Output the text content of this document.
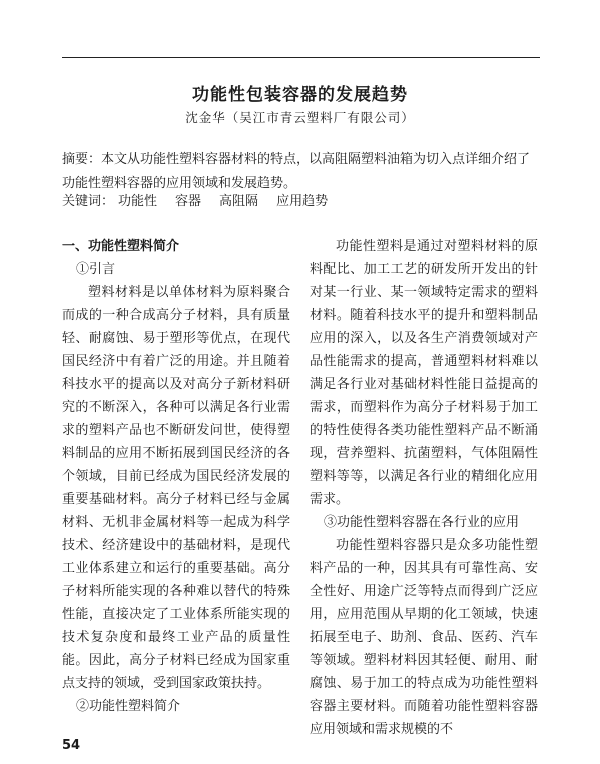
功能性包装容器的发展趋势
沈金华（吴江市青云塑料厂有限公司）
摘要：本文从功能性塑料容器材料的特点，以高阻隔塑料油箱为切入点详细介绍了功能性塑料容器的应用领域和发展趋势。
关键词： 功能性 容器 高阻隔 应用趋势

一、功能性塑料简介

①引言

塑料材料是以单体材料为原料聚合而成的一种合成高分子材料，具有质量轻、耐腐蚀、易于塑形等优点，在现代国民经济中有着广泛的用途。并且随着科技水平的提高以及对高分子新材料研究的不断深入，各种可以满足各行业需求的塑料产品也不断研发问世，使得塑料制品的应用不断拓展到国民经济的各个领域，目前已经成为国民经济发展的重要基础材料。高分子材料已经与金属材料、无机非金属材料等一起成为科学技术、经济建设中的基础材料，是现代工业体系建立和运行的重要基础。高分子材料所能实现的各种难以替代的特殊性能，直接决定了工业体系所能实现的技术复杂度和最终工业产品的质量性能。因此，高分子材料已经成为国家重点支持的领域，受到国家政策扶持。

②功能性塑料简介

功能性塑料是通过对塑料材料的原料配比、加工工艺的研发所开发出的针对某一行业、某一领域特定需求的塑料材料。随着科技水平的提升和塑料制品应用的深入，以及各生产消费领域对产品性能需求的提高，普通塑料材料难以满足各行业对基础材料性能日益提高的需求，而塑料作为高分子材料易于加工的特性使得各类功能性塑料产品不断涌现，营养塑料、抗菌塑料，气体阻隔性塑料等等，以满足各行业的精细化应用需求。

③功能性塑料容器在各行业的应用

功能性塑料容器只是众多功能性塑料产品的一种，因其具有可靠性高、安全性好、用途广泛等特点而得到广泛应用，应用范围从早期的化工领域，快速拓展至电子、助剂、食品、医药、汽车等领域。塑料材料因其轻便、耐用、耐腐蚀、易于加工的特点成为功能性塑料容器主要材料。而随着功能性塑料容器应用领域和需求规模的不

54
